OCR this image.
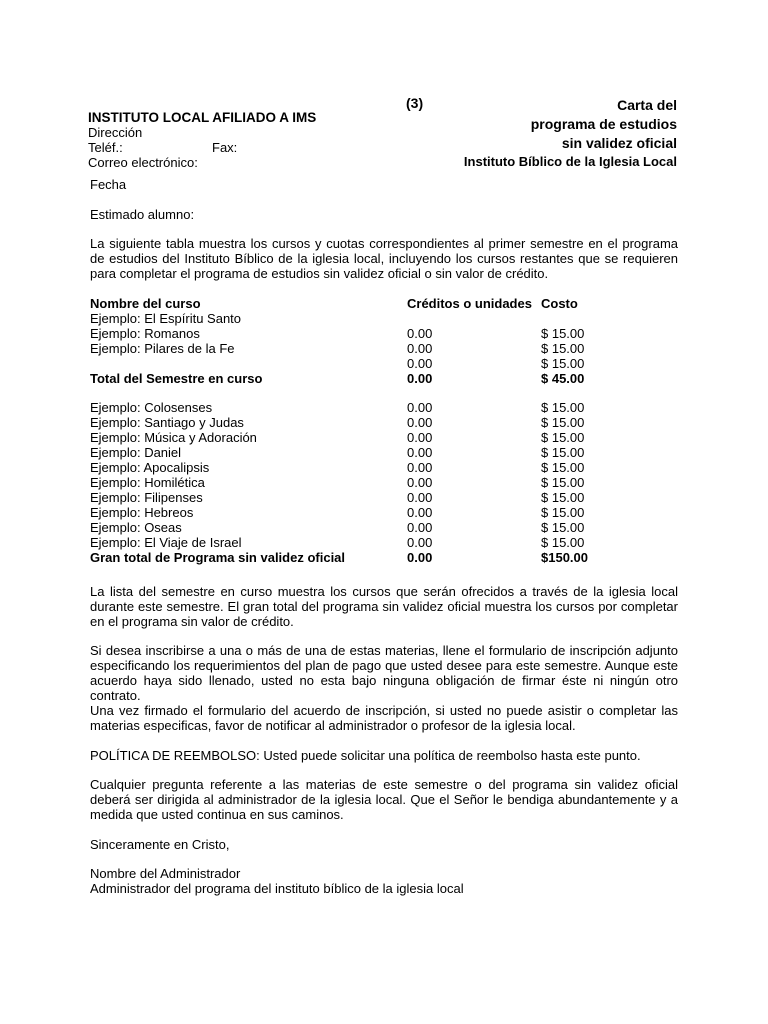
(3)	Carta del
programa de estudios
sin validez oficial
Instituto Bíblico de la Iglesia Local
INSTITUTO LOCAL AFILIADO A IMS
Dirección
Teléf.:	Fax:
Correo electrónico:
Fecha
Estimado alumno:

La siguiente tabla muestra los cursos y cuotas correspondientes al primer semestre en el programa de estudios del Instituto Bíblico de la iglesia local, incluyendo los cursos restantes que se requieren para completar el programa de estudios sin validez oficial o sin valor de crédito.

Nombre del curso	Créditos o unidades	Costo
Ejemplo: El Espíritu Santo		
Ejemplo: Romanos	0.00	$ 15.00
Ejemplo: Pilares de la Fe	0.00	$ 15.00
	0.00	$ 15.00
Total del Semestre en curso	0.00	$ 45.00

Ejemplo: Colosenses	0.00	$ 15.00
Ejemplo: Santiago y Judas	0.00	$ 15.00
Ejemplo: Música y Adoración	0.00	$ 15.00
Ejemplo: Daniel	0.00	$ 15.00
Ejemplo: Apocalipsis	0.00	$ 15.00
Ejemplo: Homilética	0.00	$ 15.00
Ejemplo: Filipenses	0.00	$ 15.00
Ejemplo: Hebreos	0.00	$ 15.00
Ejemplo: Oseas	0.00	$ 15.00
Ejemplo: El Viaje de Israel	0.00	$ 15.00
Gran total de Programa sin validez oficial	0.00	$150.00

La lista del semestre en curso muestra los cursos que serán ofrecidos a través de la iglesia local durante este semestre. El gran total del programa sin validez oficial muestra los cursos por completar en el programa sin valor de crédito.

Si desea inscribirse a una o más de una de estas materias, llene el formulario de inscripción adjunto especificando los requerimientos del plan de pago que usted desee para este semestre. Aunque este acuerdo haya sido llenado, usted no esta bajo ninguna obligación de firmar éste ni ningún otro contrato.

Una vez firmado el formulario del acuerdo de inscripción, si usted no puede asistir o completar las materias especificas, favor de notificar al administrador o profesor de la iglesia local.

POLÍTICA DE REEMBOLSO: Usted puede solicitar una política de reembolso hasta este punto.

Cualquier pregunta referente a las materias de este semestre o del programa sin validez oficial deberá ser dirigida al administrador de la iglesia local. Que el Señor le bendiga abundantemente y a medida que usted continua en sus caminos.

Sinceramente en Cristo,
Nombre del Administrador
Administrador del programa del instituto bíblico de la iglesia local
